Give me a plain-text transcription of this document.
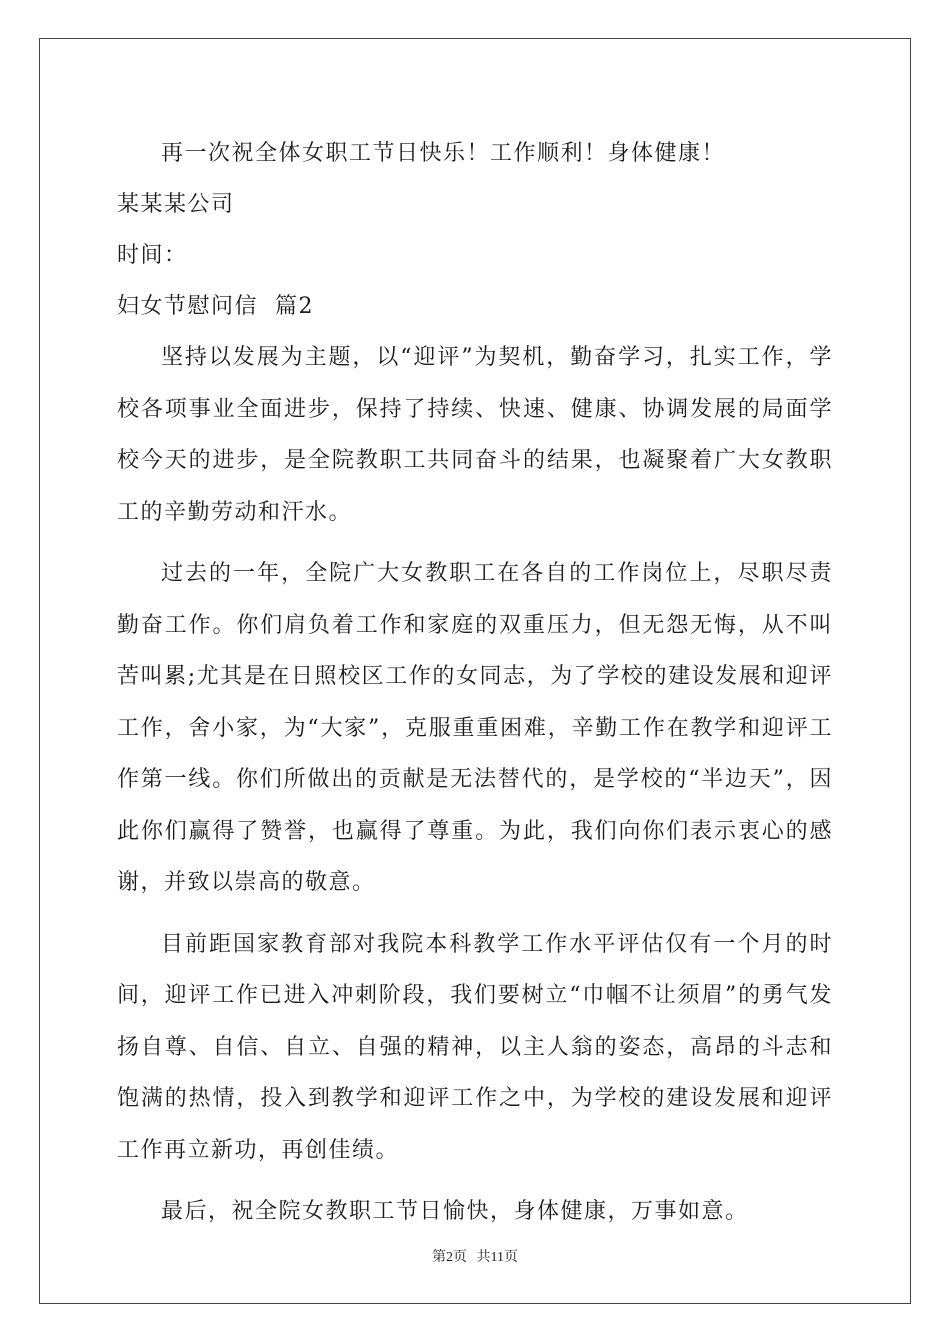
再一次祝全体女职工节日快乐！工作顺利！身体健康！
某某某公司
时间：
妇女节慰问信  篇2

坚持以发展为主题，以“迎评”为契机，勤奋学习，扎实工作，学校各项事业全面进步，保持了持续、快速、健康、协调发展的局面学校今天的进步，是全院教职工共同奋斗的结果，也凝聚着广大女教职工的辛勤劳动和汗水。

过去的一年，全院广大女教职工在各自的工作岗位上，尽职尽责勤奋工作。你们肩负着工作和家庭的双重压力，但无怨无悔，从不叫苦叫累;尤其是在日照校区工作的女同志，为了学校的建设发展和迎评工作，舍小家，为“大家”，克服重重困难，辛勤工作在教学和迎评工作第一线。你们所做出的贡献是无法替代的，是学校的“半边天”，因此你们赢得了赞誉，也赢得了尊重。为此，我们向你们表示衷心的感谢，并致以崇高的敬意。

目前距国家教育部对我院本科教学工作水平评估仅有一个月的时间，迎评工作已进入冲刺阶段，我们要树立“巾帼不让须眉”的勇气发扬自尊、自信、自立、自强的精神，以主人翁的姿态，高昂的斗志和饱满的热情，投入到教学和迎评工作之中，为学校的建设发展和迎评工作再立新功，再创佳绩。

最后，祝全院女教职工节日愉快，身体健康，万事如意。

第2页 共11页
